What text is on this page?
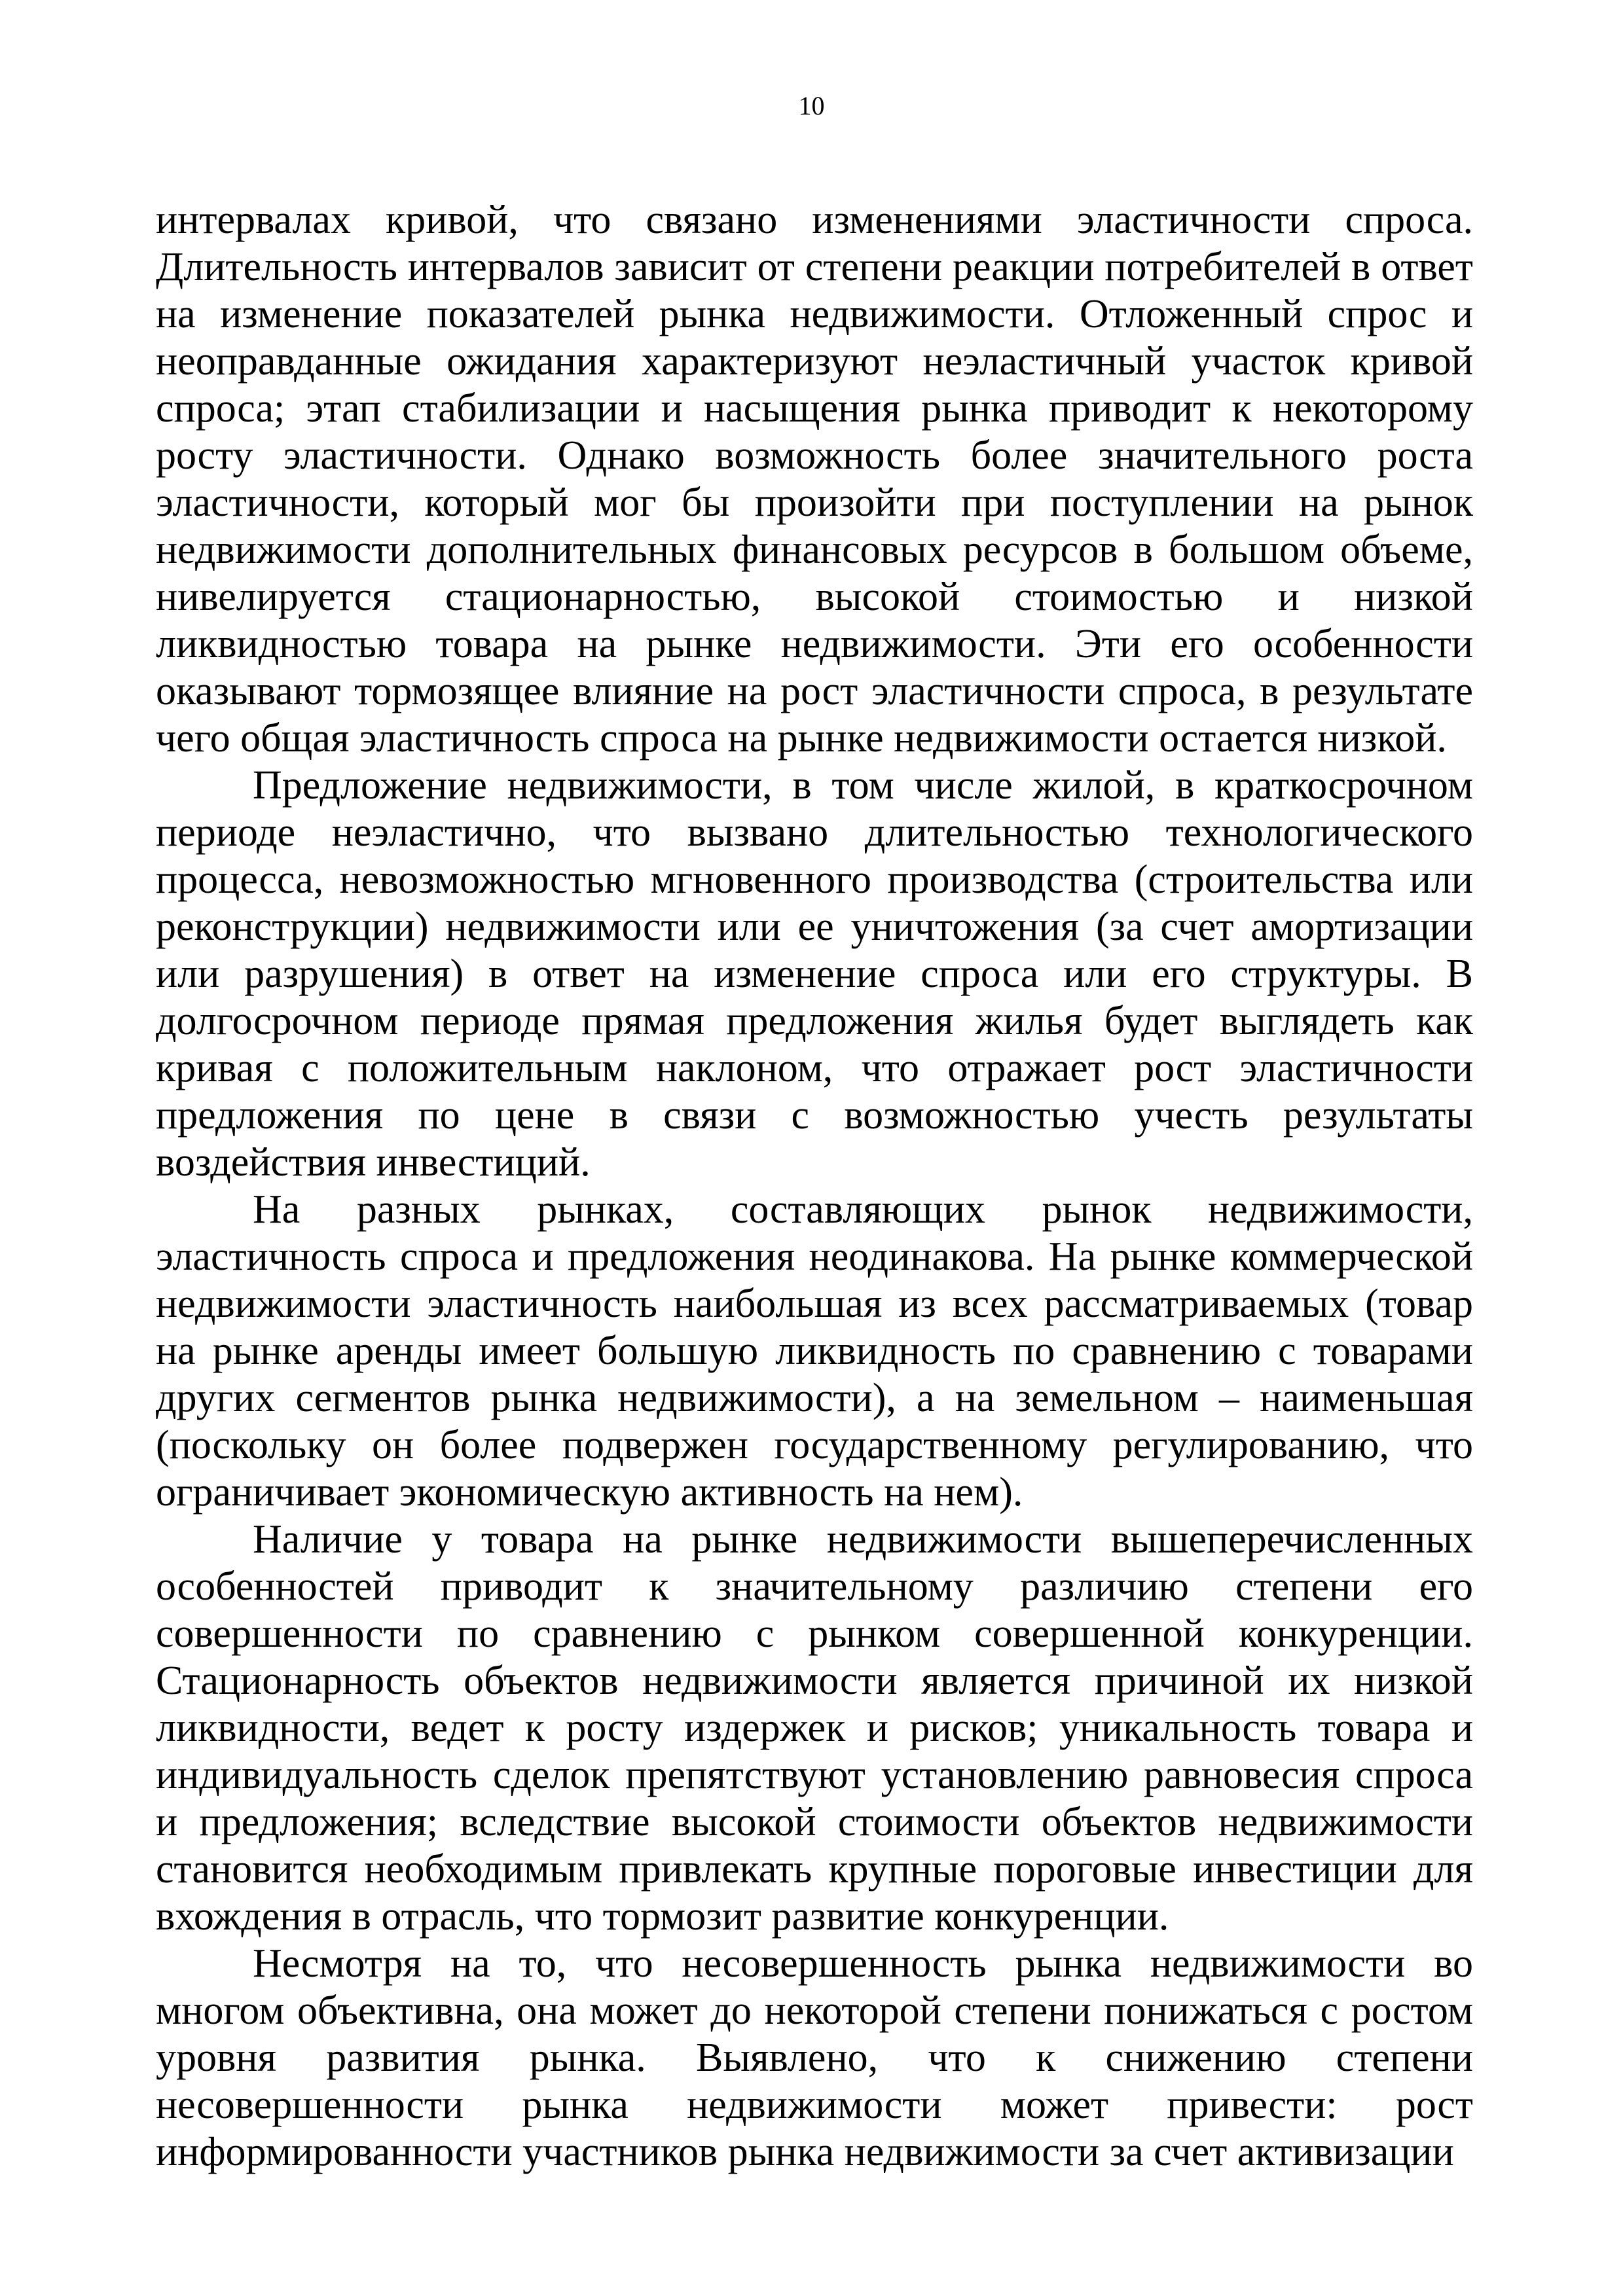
10

интервалах кривой, что связано изменениями эластичности спроса. Длительность интервалов зависит от степени реакции потребителей в ответ на изменение показателей рынка недвижимости. Отложенный спрос и неоправданные ожидания характеризуют неэластичный участок кривой спроса; этап стабилизации и насыщения рынка приводит к некоторому росту эластичности. Однако возможность более значительного роста эластичности, который мог бы произойти при поступлении на рынок недвижимости дополнительных финансовых ресурсов в большом объеме, нивелируется стационарностью, высокой стоимостью и низкой ликвидностью товара на рынке недвижимости. Эти его особенности оказывают тормозящее влияние на рост эластичности спроса, в результате чего общая эластичность спроса на рынке недвижимости остается низкой.

Предложение недвижимости, в том числе жилой, в краткосрочном периоде неэластично, что вызвано длительностью технологического процесса, невозможностью мгновенного производства (строительства или реконструкции) недвижимости или ее уничтожения (за счет амортизации или разрушения) в ответ на изменение спроса или его структуры. В долгосрочном периоде прямая предложения жилья будет выглядеть как кривая с положительным наклоном, что отражает рост эластичности предложения по цене в связи с возможностью учесть результаты воздействия инвестиций.

На разных рынках, составляющих рынок недвижимости, эластичность спроса и предложения неодинакова. На рынке коммерческой недвижимости эластичность наибольшая из всех рассматриваемых (товар на рынке аренды имеет большую ликвидность по сравнению с товарами других сегментов рынка недвижимости), а на земельном – наименьшая (поскольку он более подвержен государственному регулированию, что ограничивает экономическую активность на нем).

Наличие у товара на рынке недвижимости вышеперечисленных особенностей приводит к значительному различию степени его совершенности по сравнению с рынком совершенной конкуренции. Стационарность объектов недвижимости является причиной их низкой ликвидности, ведет к росту издержек и рисков; уникальность товара и индивидуальность сделок препятствуют установлению равновесия спроса и предложения; вследствие высокой стоимости объектов недвижимости становится необходимым привлекать крупные пороговые инвестиции для вхождения в отрасль, что тормозит развитие конкуренции.

Несмотря на то, что несовершенность рынка недвижимости во многом объективна, она может до некоторой степени понижаться с ростом уровня развития рынка. Выявлено, что к снижению степени несовершенности рынка недвижимости может привести: рост информированности участников рынка недвижимости за счет активизации
